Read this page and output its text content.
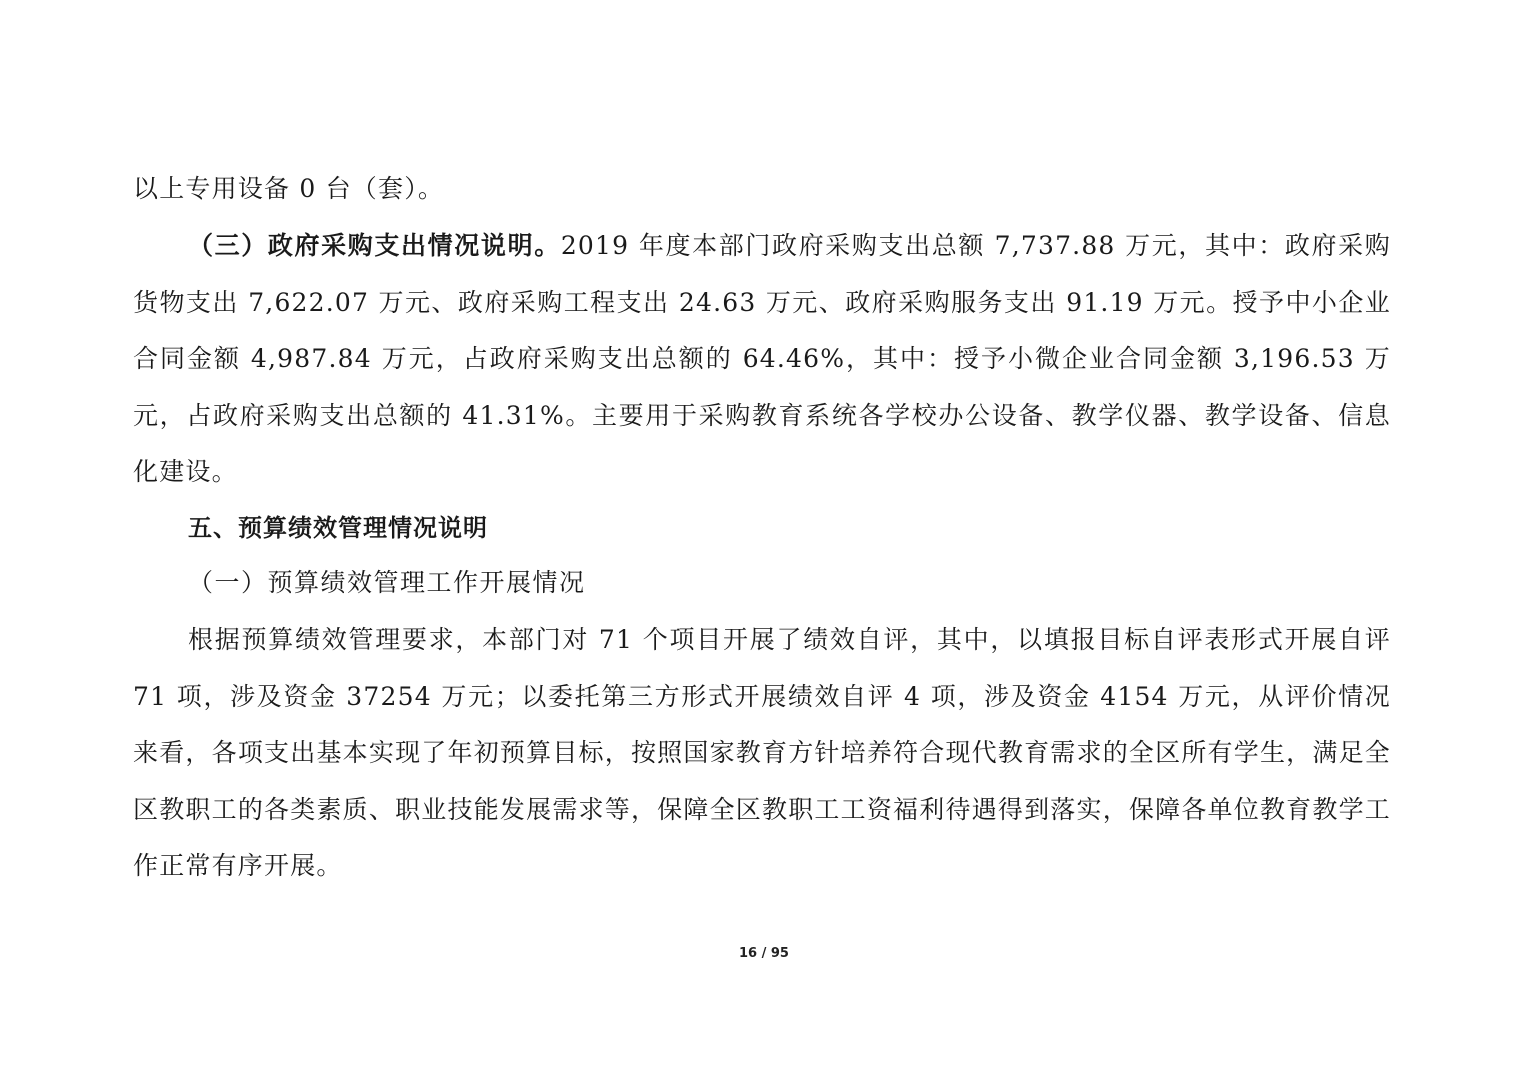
以上专用设备 0 台（套）。

（三）政府采购支出情况说明。2019 年度本部门政府采购支出总额 7,737.88 万元，其中：政府采购货物支出 7,622.07 万元、政府采购工程支出 24.63 万元、政府采购服务支出 91.19 万元。授予中小企业合同金额 4,987.84 万元，占政府采购支出总额的 64.46%，其中：授予小微企业合同金额 3,196.53 万元，占政府采购支出总额的 41.31%。主要用于采购教育系统各学校办公设备、教学仪器、教学设备、信息化建设。

五、预算绩效管理情况说明

（一）预算绩效管理工作开展情况

根据预算绩效管理要求，本部门对 71 个项目开展了绩效自评，其中，以填报目标自评表形式开展自评 71 项，涉及资金 37254 万元；以委托第三方形式开展绩效自评 4 项，涉及资金 4154 万元，从评价情况来看，各项支出基本实现了年初预算目标，按照国家教育方针培养符合现代教育需求的全区所有学生，满足全区教职工的各类素质、职业技能发展需求等，保障全区教职工工资福利待遇得到落实，保障各单位教育教学工作正常有序开展。

16 / 95
